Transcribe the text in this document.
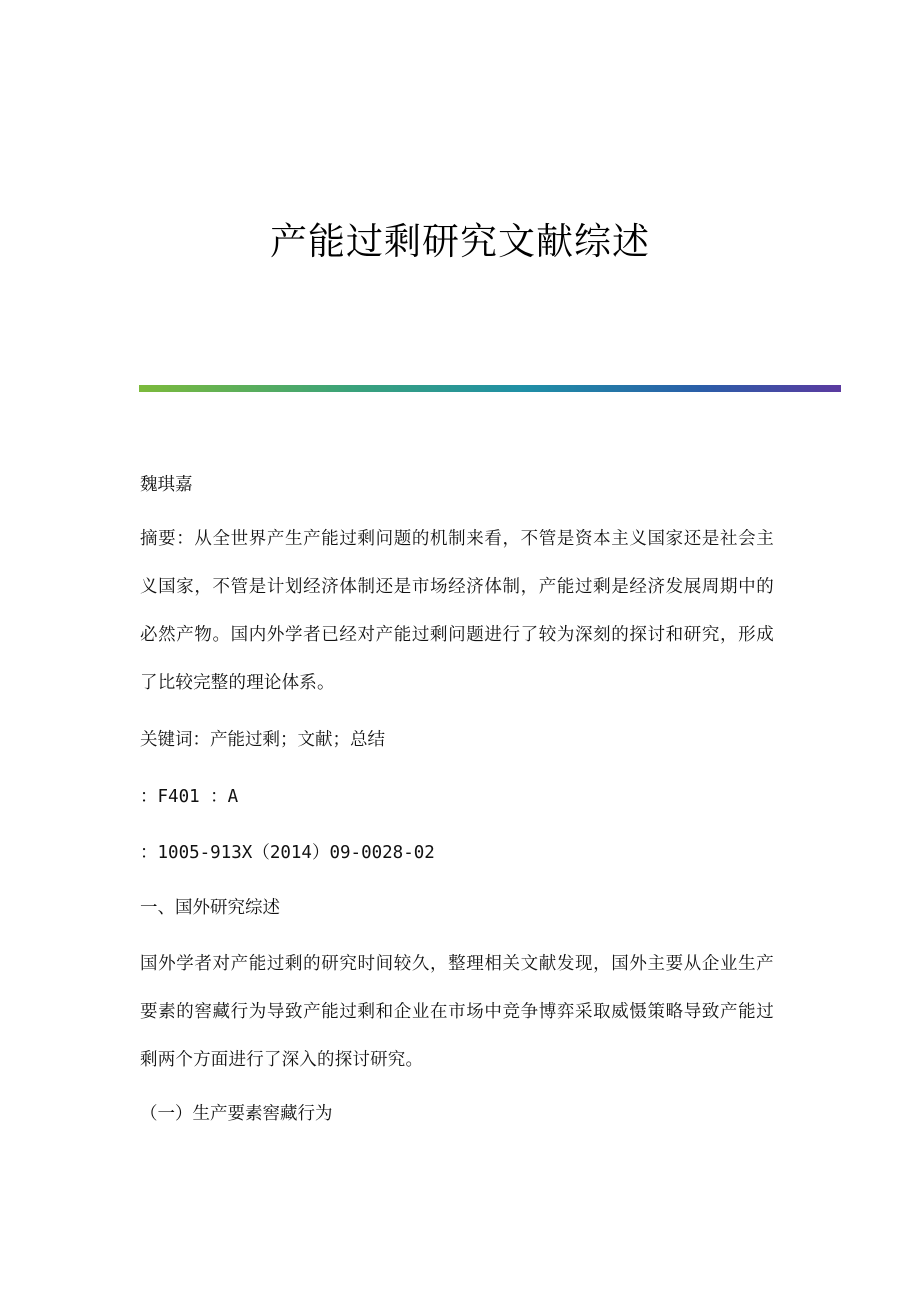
产能过剩研究文献综述
魏琪嘉
摘要：从全世界产生产能过剩问题的机制来看，不管是资本主义国家还是社会主义国家，不管是计划经济体制还是市场经济体制，产能过剩是经济发展周期中的必然产物。国内外学者已经对产能过剩问题进行了较为深刻的探讨和研究，形成了比较完整的理论体系。
关键词：产能过剩；文献；总结
：F401 ：A
：1005-913X（2014）09-0028-02
一、国外研究综述
国外学者对产能过剩的研究时间较久，整理相关文献发现，国外主要从企业生产要素的窖藏行为导致产能过剩和企业在市场中竞争博弈采取威慑策略导致产能过剩两个方面进行了深入的探讨研究。
（一）生产要素窖藏行为
